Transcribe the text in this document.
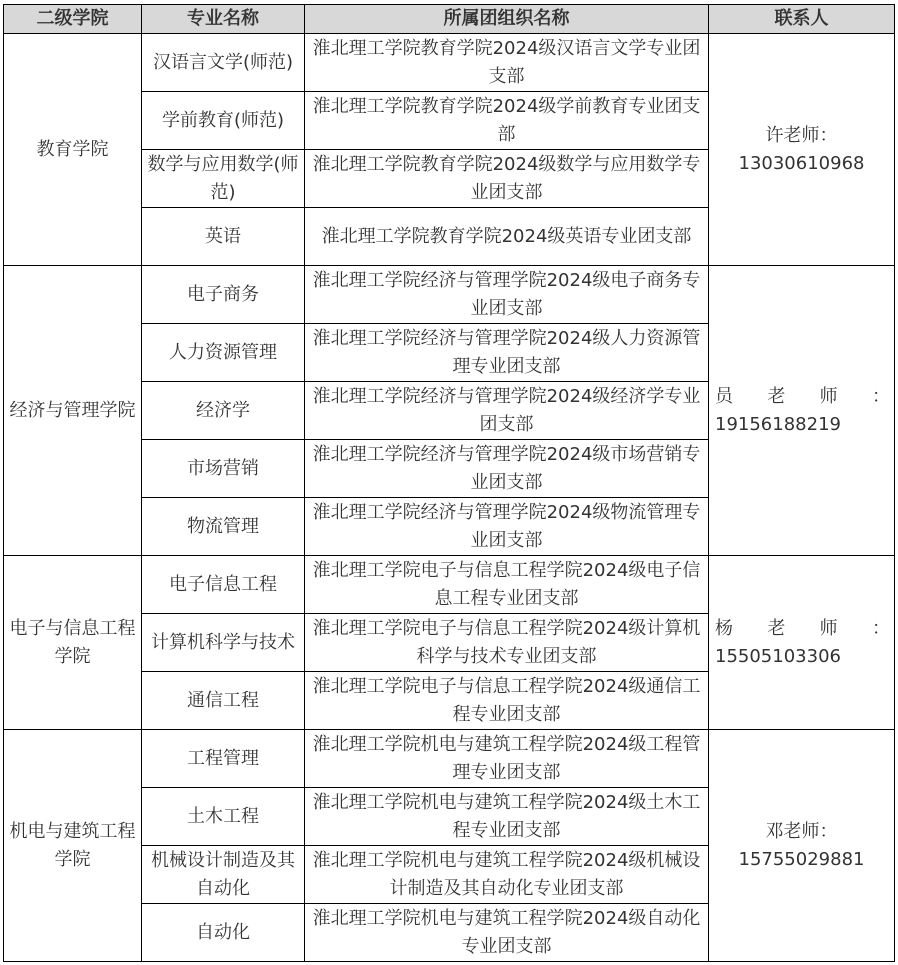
二级学院	专业名称	所属团组织名称	联系人
教育学院	汉语言文学(师范)	淮北理工学院教育学院2024级汉语言文学专业团支部	许老师：
13030610968

	学前教育(师范)	淮北理工学院教育学院2024级学前教育专业团支部	
	数学与应用数学(师范)	淮北理工学院教育学院2024级数学与应用数学专业团支部	
	英语	淮北理工学院教育学院2024级英语专业团支部	
经济与管理学院	电子商务	淮北理工学院经济与管理学院2024级电子商务专业团支部	员 老 师 ：
19156188219

	人力资源管理	淮北理工学院经济与管理学院2024级人力资源管理专业团支部	
	经济学	淮北理工学院经济与管理学院2024级经济学专业团支部	
	市场营销	淮北理工学院经济与管理学院2024级市场营销专业团支部	
	物流管理	淮北理工学院经济与管理学院2024级物流管理专业团支部	
电子与信息工程学院	电子信息工程	淮北理工学院电子与信息工程学院2024级电子信息工程专业团支部	杨 老 师 ：
15505103306

	计算机科学与技术	淮北理工学院电子与信息工程学院2024级计算机科学与技术专业团支部	
	通信工程	淮北理工学院电子与信息工程学院2024级通信工程专业团支部	
机电与建筑工程学院	工程管理	淮北理工学院机电与建筑工程学院2024级工程管理专业团支部	邓老师：
15755029881

	土木工程	淮北理工学院机电与建筑工程学院2024级土木工程专业团支部	
	机械设计制造及其自动化	淮北理工学院机电与建筑工程学院2024级机械设计制造及其自动化专业团支部	
	自动化	淮北理工学院机电与建筑工程学院2024级自动化专业团支部	
